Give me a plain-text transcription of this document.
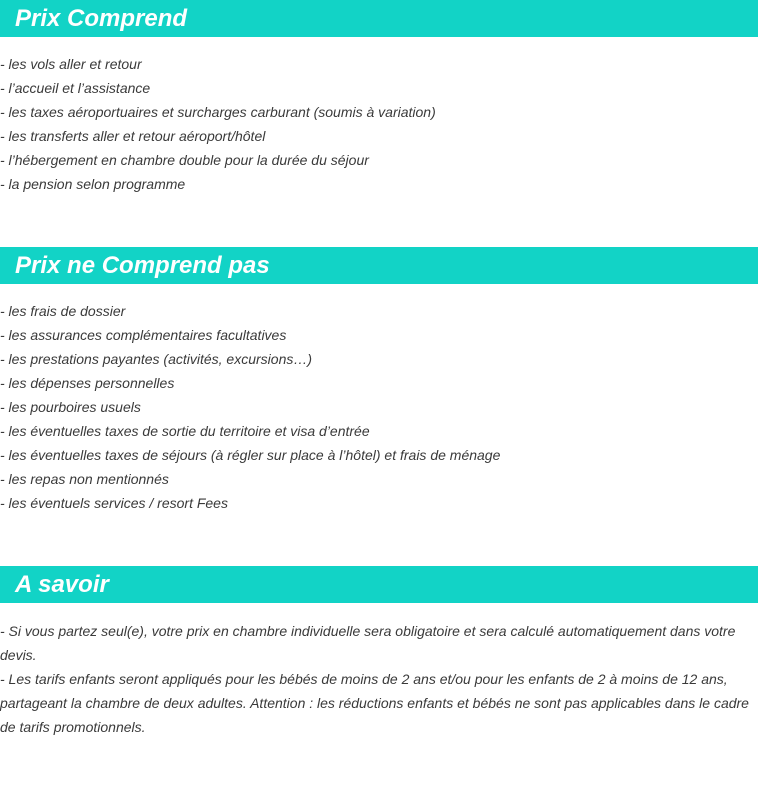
Prix Comprend
- les vols aller et retour
- l’accueil et l’assistance
- les taxes aéroportuaires et surcharges carburant (soumis à variation)
- les transferts aller et retour aéroport/hôtel
- l’hébergement en chambre double pour la durée du séjour
- la pension selon programme
Prix ne Comprend pas
- les frais de dossier
- les assurances complémentaires facultatives
- les prestations payantes (activités, excursions…)
- les dépenses personnelles
- les pourboires usuels
- les éventuelles taxes de sortie du territoire et visa d’entrée
- les éventuelles taxes de séjours (à régler sur place à l’hôtel) et frais de ménage
- les repas non mentionnés
- les éventuels services / resort Fees
A savoir

- Si vous partez seul(e), votre prix en chambre individuelle sera obligatoire et sera calculé automatiquement dans votre devis.

- Les tarifs enfants seront appliqués pour les bébés de moins de 2 ans et/ou pour les enfants de 2 à moins de 12 ans, partageant la chambre de deux adultes. Attention : les réductions enfants et bébés ne sont pas applicables dans le cadre de tarifs promotionnels.
